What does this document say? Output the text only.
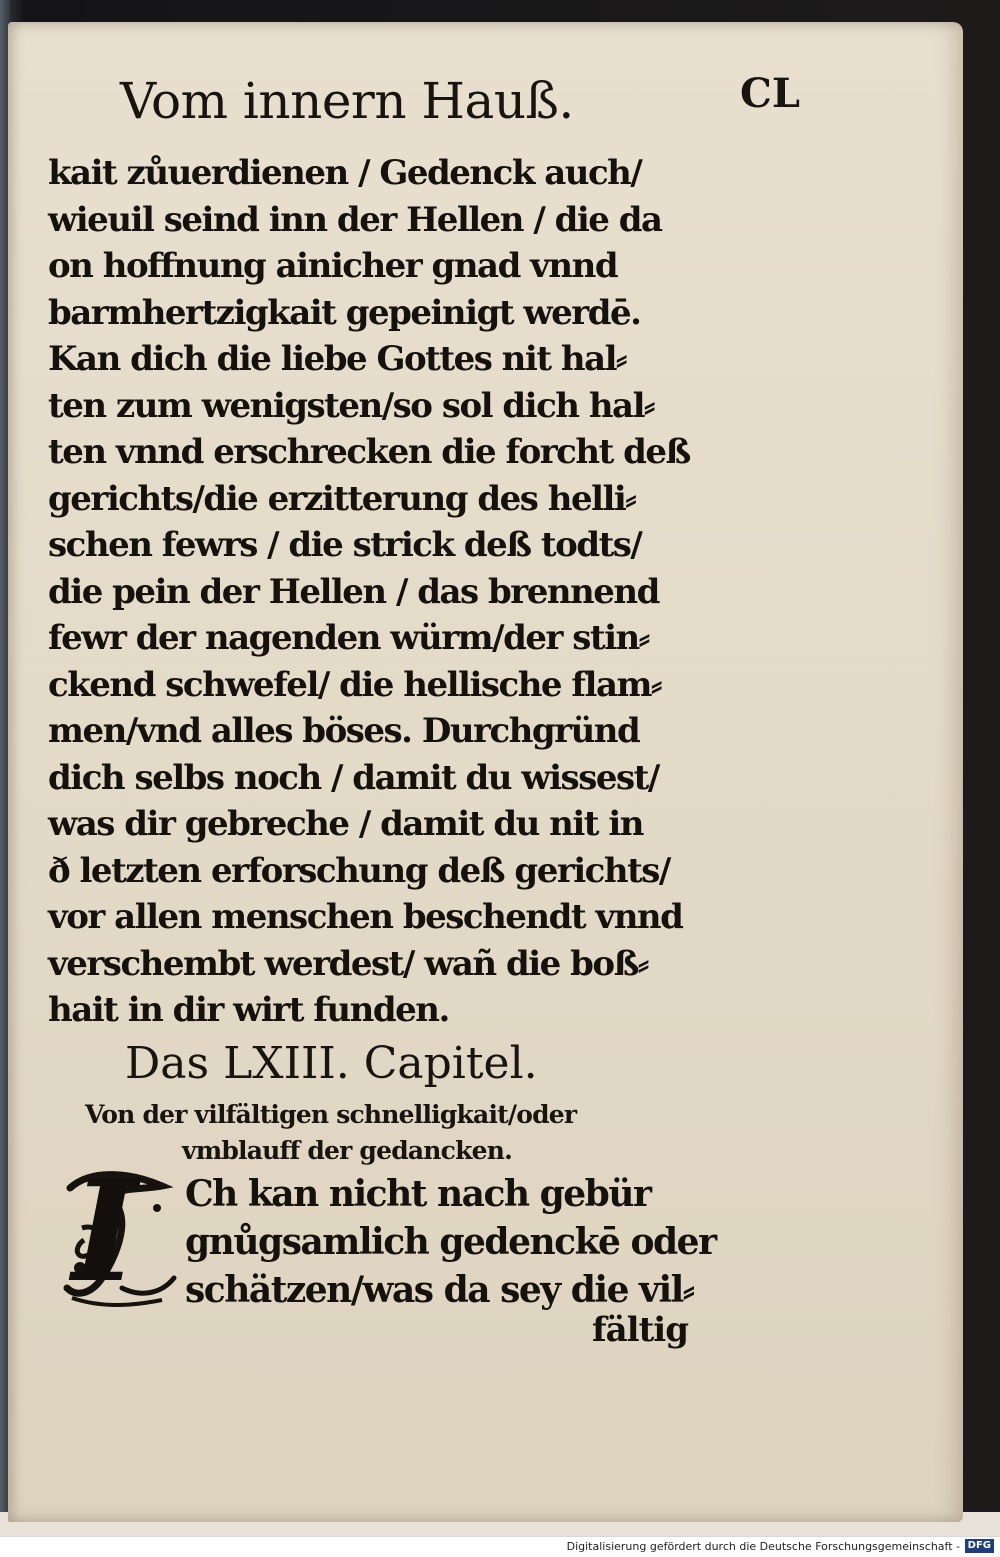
Vom innern Hauß.	CL
kait zůuerdienen / Gedenck auch/
wieuil seind inn der Hellen / die da
on hoffnung ainicher gnad vnnd
barmhertzigkait gepeinigt werdē.
Kan dich die liebe Gottes nit hal⸗
ten zum wenigsten/so sol dich hal⸗
ten vnnd erschrecken die forcht deß
gerichts/die erzitterung des helli⸗
schen fewrs / die strick deß todts/
die pein der Hellen / das brennend
fewr der nagenden würm/der stin⸗
ckend schwefel/ die hellische flam⸗
men/vnd alles böses. Durchgründ
dich selbs noch / damit du wissest/
was dir gebreche / damit du nit in
ð letzten erforschung deß gerichts/
vor allen menschen beschendt vnnd
verschembt werdest/ wañ die boß⸗
hait in dir wirt funden.
Das LXIII. Capitel.
Von der vilfältigen schnelligkait/oder
vmblauff der gedancken.
I Ch kan nicht nach gebür
gnůgsamlich gedenckē oder
schätzen/was da sey die vil⸗
fältig
Digitalisierung gefördert durch die Deutsche Forschungsgemeinschaft - DFG
